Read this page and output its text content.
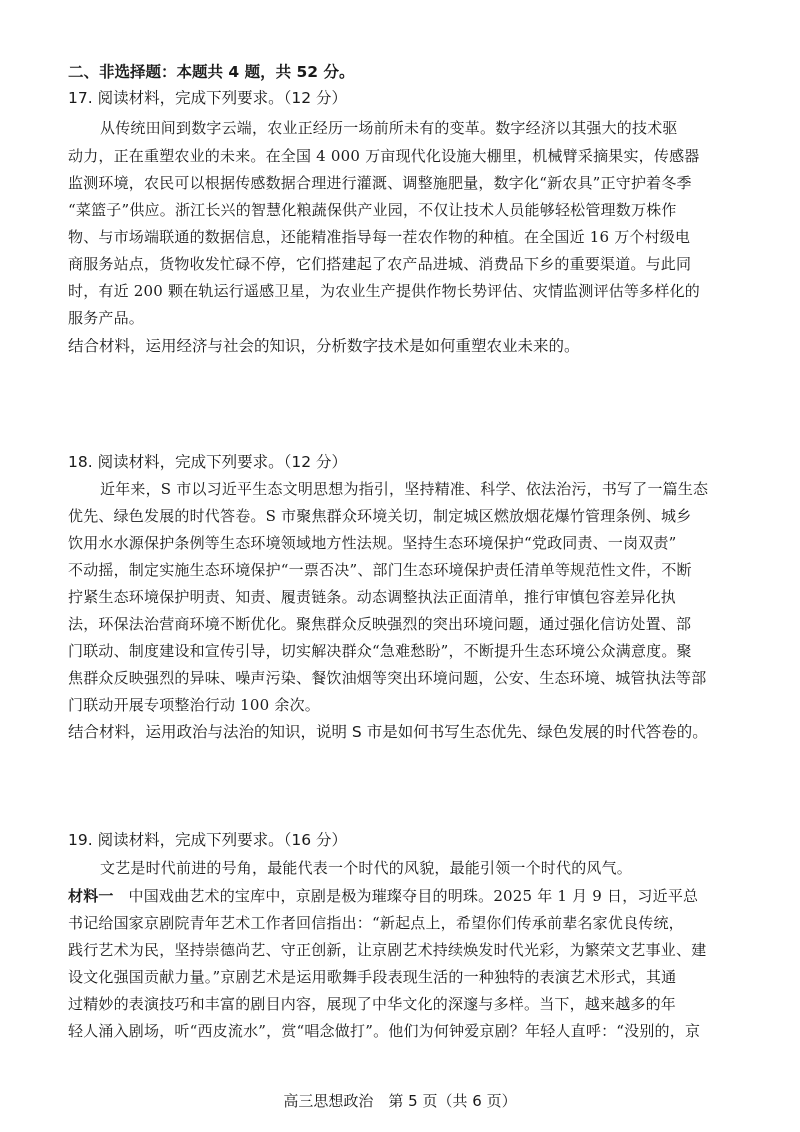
二、非选择题：本题共 4 题，共 52 分。
17. 阅读材料，完成下列要求。（12 分）
从传统田间到数字云端，农业正经历一场前所未有的变革。数字经济以其强大的技术驱
动力，正在重塑农业的未来。在全国 4 000 万亩现代化设施大棚里，机械臂采摘果实，传感器
监测环境，农民可以根据传感数据合理进行灌溉、调整施肥量，数字化“新农具”正守护着冬季
“菜篮子”供应。浙江长兴的智慧化粮蔬保供产业园，不仅让技术人员能够轻松管理数万株作
物、与市场端联通的数据信息，还能精准指导每一茬农作物的种植。在全国近 16 万个村级电
商服务站点，货物收发忙碌不停，它们搭建起了农产品进城、消费品下乡的重要渠道。与此同
时，有近 200 颗在轨运行遥感卫星，为农业生产提供作物长势评估、灾情监测评估等多样化的
服务产品。
结合材料，运用经济与社会的知识，分析数字技术是如何重塑农业未来的。
18. 阅读材料，完成下列要求。（12 分）
近年来，S 市以习近平生态文明思想为指引，坚持精准、科学、依法治污，书写了一篇生态
优先、绿色发展的时代答卷。S 市聚焦群众环境关切，制定城区燃放烟花爆竹管理条例、城乡
饮用水水源保护条例等生态环境领域地方性法规。坚持生态环境保护“党政同责、一岗双责”
不动摇，制定实施生态环境保护“一票否决”、部门生态环境保护责任清单等规范性文件，不断
拧紧生态环境保护明责、知责、履责链条。动态调整执法正面清单，推行审慎包容差异化执
法，环保法治营商环境不断优化。聚焦群众反映强烈的突出环境问题，通过强化信访处置、部
门联动、制度建设和宣传引导，切实解决群众“急难愁盼”，不断提升生态环境公众满意度。聚
焦群众反映强烈的异味、噪声污染、餐饮油烟等突出环境问题，公安、生态环境、城管执法等部
门联动开展专项整治行动 100 余次。
结合材料，运用政治与法治的知识，说明 S 市是如何书写生态优先、绿色发展的时代答卷的。
19. 阅读材料，完成下列要求。（16 分）
文艺是时代前进的号角，最能代表一个时代的风貌，最能引领一个时代的风气。
材料一 中国戏曲艺术的宝库中，京剧是极为璀璨夺目的明珠。2025 年 1 月 9 日，习近平总
书记给国家京剧院青年艺术工作者回信指出：“新起点上，希望你们传承前辈名家优良传统，
践行艺术为民，坚持崇德尚艺、守正创新，让京剧艺术持续焕发时代光彩，为繁荣文艺事业、建
设文化强国贡献力量。”京剧艺术是运用歌舞手段表现生活的一种独特的表演艺术形式，其通
过精妙的表演技巧和丰富的剧目内容，展现了中华文化的深邃与多样。当下，越来越多的年
轻人涌入剧场，听“西皮流水”，赏“唱念做打”。他们为何钟爱京剧？年轻人直呼：“没别的，京
高三思想政治　第 5 页（共 6 页）
